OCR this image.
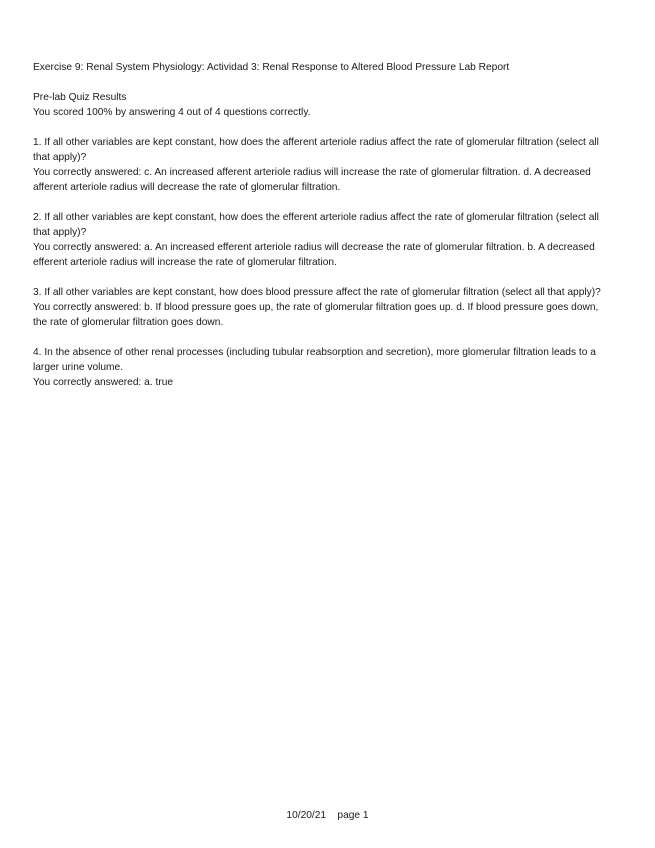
Exercise 9: Renal System Physiology: Actividad 3: Renal Response to Altered Blood Pressure Lab Report
Pre-lab Quiz Results
You scored 100% by answering 4 out of 4 questions correctly.
1. If all other variables are kept constant, how does the afferent arteriole radius affect the rate of glomerular filtration (select all that apply)?
You correctly answered: c. An increased afferent arteriole radius will increase the rate of glomerular filtration. d. A decreased afferent arteriole radius will decrease the rate of glomerular filtration.
2. If all other variables are kept constant, how does the efferent arteriole radius affect the rate of glomerular filtration (select all that apply)?
You correctly answered: a. An increased efferent arteriole radius will decrease the rate of glomerular filtration. b. A decreased efferent arteriole radius will increase the rate of glomerular filtration.
3. If all other variables are kept constant, how does blood pressure affect the rate of glomerular filtration (select all that apply)?
You correctly answered: b. If blood pressure goes up, the rate of glomerular filtration goes up. d. If blood pressure goes down, the rate of glomerular filtration goes down.
4. In the absence of other renal processes (including tubular reabsorption and secretion), more glomerular filtration leads to a larger urine volume.
You correctly answered: a. true
10/20/21 page 1
